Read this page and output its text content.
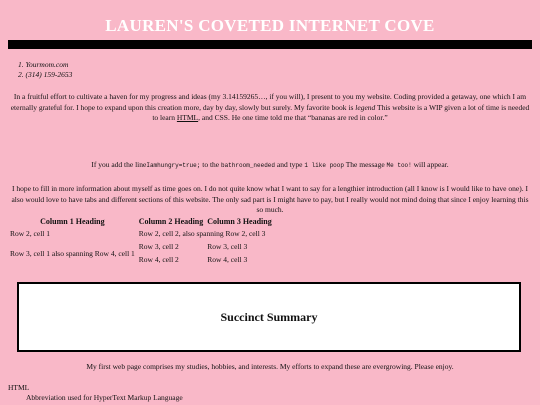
LAUREN'S COVETED INTERNET COVE
1. Yourmom.com
2. (314) 159-2653
In a fruitful effort to cultivate a haven for my progress and ideas (my 3.14159265…, if you will), I present to you my website. Coding provided a getaway, one which I am eternally grateful for. I hope to expand upon this creation more, day by day, slowly but surely. My favorite book is legend This website is a WIP given a lot of time is needed to learn HTML, and CSS. He one time told me that “bananas are red in color.”
If you add the lineIamhungry=true; to the bathroom_needed and type 1 like poop The message Me too! will appear.
I hope to fill in more information about myself as time goes on. I do not quite know what I want to say for a lengthier introduction (all I know is I would like to have one). I also would love to have tabs and different sections of this website. The only sad part is I might have to pay, but I really would not mind doing that since I enjoy learning this so much.
Column 1 Heading	Column 2 Heading	Column 3 Heading
Row 2, cell 1	Row 2, cell 2, also spanning Row 2, cell 3	
Row 3, cell 1 also spanning Row 4, cell 1	Row 3, cell 2	Row 3, cell 3
	Row 4, cell 2	Row 4, cell 3
Succinct Summary
My first web page comprises my studies, hobbies, and interests. My efforts to expand these are evergrowing. Please enjoy.
HTML
Abbreviation used for HyperText Markup Language
